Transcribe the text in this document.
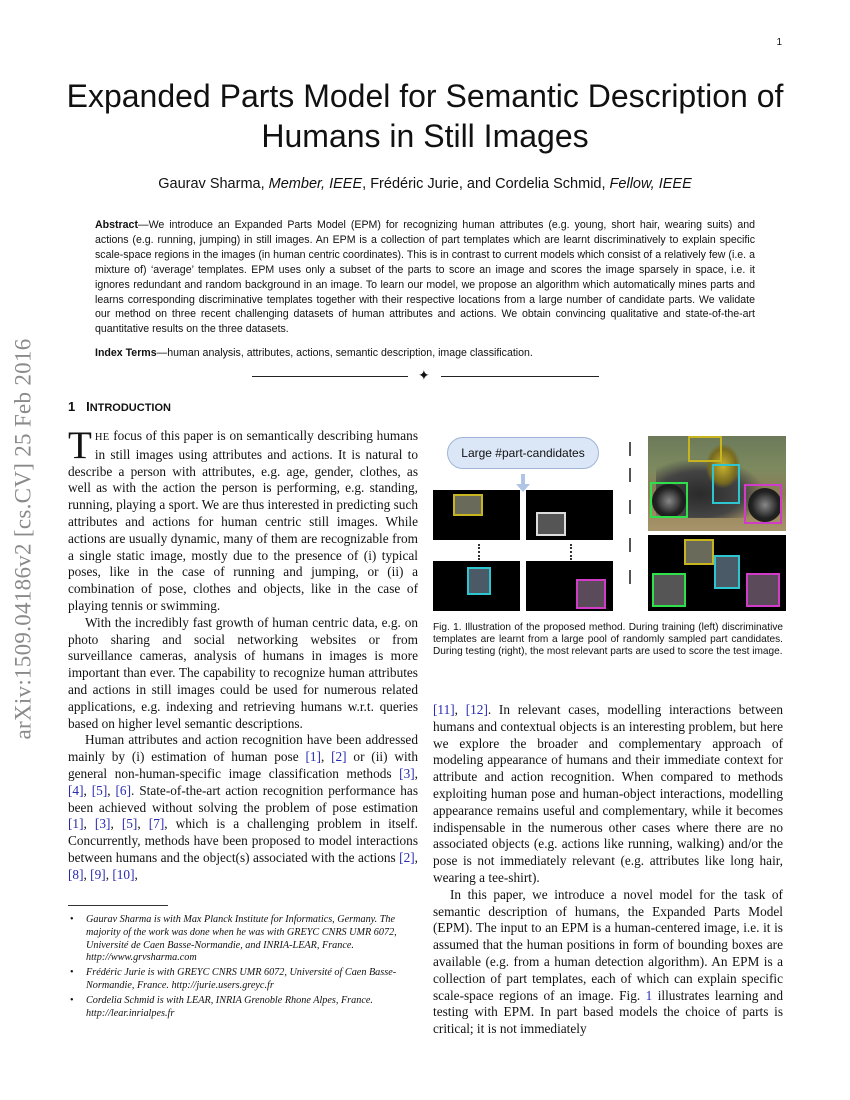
1
Expanded Parts Model for Semantic Description of Humans in Still Images
Gaurav Sharma, Member, IEEE, Frédéric Jurie, and Cordelia Schmid, Fellow, IEEE
Abstract—We introduce an Expanded Parts Model (EPM) for recognizing human attributes (e.g. young, short hair, wearing suits) and actions (e.g. running, jumping) in still images. An EPM is a collection of part templates which are learnt discriminatively to explain specific scale-space regions in the images (in human centric coordinates). This is in contrast to current models which consist of a relatively few (i.e. a mixture of) ‘average’ templates. EPM uses only a subset of the parts to score an image and scores the image sparsely in space, i.e. it ignores redundant and random background in an image. To learn our model, we propose an algorithm which automatically mines parts and learns corresponding discriminative templates together with their respective locations from a large number of candidate parts. We validate our method on three recent challenging datasets of human attributes and actions. We obtain convincing qualitative and state-of-the-art quantitative results on the three datasets.
Index Terms—human analysis, attributes, actions, semantic description, image classification.
✦
arXiv:1509.04186v2 [cs.CV] 25 Feb 2016 1 INTRODUCTION

THE focus of this paper is on semantically describing humans in still images using attributes and actions. It is natural to describe a person with attributes, e.g. age, gender, clothes, as well as with the action the person is performing, e.g. standing, running, playing a sport. We are thus interested in predicting such attributes and actions for human centric still images. While actions are usually dynamic, many of them are recognizable from a single static image, mostly due to the presence of (i) typical poses, like in the case of running and jumping, or (ii) a combination of pose, clothes and objects, like in the case of playing tennis or swimming.

With the incredibly fast growth of human centric data, e.g. on photo sharing and social networking websites or from surveillance cameras, analysis of humans in images is more important than ever. The capability to recognize human attributes and actions in still images could be used for numerous related applications, e.g. indexing and retrieving humans w.r.t. queries based on higher level semantic descriptions.

Human attributes and action recognition have been addressed mainly by (i) estimation of human pose [1], [2] or (ii) with general non-human-specific image classification methods [3], [4], [5], [6]. State-of-the-art action recognition performance has been achieved without solving the problem of pose estimation [1], [3], [5], [7], which is a challenging problem in itself. Concurrently, methods have been proposed to model interactions between humans and the object(s) associated with the actions [2], [8], [9], [10],

• Gaurav Sharma is with Max Planck Institute for Informatics, Germany. The majority of the work was done when he was with GREYC CNRS UMR 6072, Université de Caen Basse-Normandie, and INRIA-LEAR, France. http://www.grvsharma.com
• Frédéric Jurie is with GREYC CNRS UMR 6072, Université of Caen Basse-Normandie, France. http://jurie.users.greyc.fr
• Cordelia Schmid is with LEAR, INRIA Grenoble Rhone Alpes, France. http://lear.inrialpes.fr
Large #part-candidates
Fig. 1. Illustration of the proposed method. During training (left) discriminative templates are learnt from a large pool of randomly sampled part candidates. During testing (right), the most relevant parts are used to score the test image.

[11], [12]. In relevant cases, modelling interactions between humans and contextual objects is an interesting problem, but here we explore the broader and complementary approach of modeling appearance of humans and their immediate context for attribute and action recognition. When compared to methods exploiting human pose and human-object interactions, modelling appearance remains useful and complementary, while it becomes indispensable in the numerous other cases where there are no associated objects (e.g. actions like running, walking) and/or the pose is not immediately relevant (e.g. attributes like long hair, wearing a tee-shirt).

In this paper, we introduce a novel model for the task of semantic description of humans, the Expanded Parts Model (EPM). The input to an EPM is a human-centered image, i.e. it is assumed that the human positions in form of bounding boxes are available (e.g. from a human detection algorithm). An EPM is a collection of part templates, each of which can explain specific scale-space regions of an image. Fig. 1 illustrates learning and testing with EPM. In part based models the choice of parts is critical; it is not immediately
